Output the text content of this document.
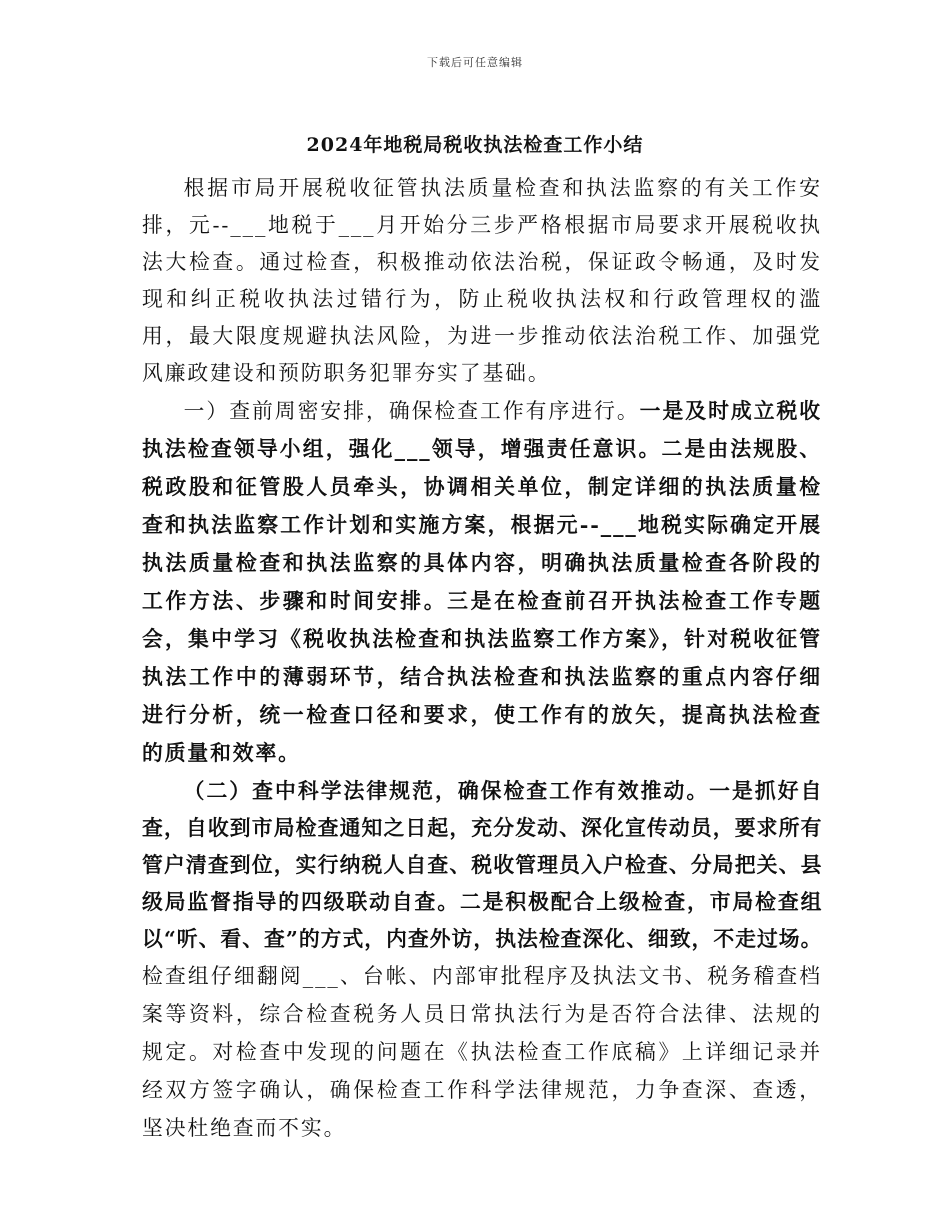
下载后可任意编辑
2024年地税局税收执法检查工作小结

根据市局开展税收征管执法质量检查和执法监察的有关工作安排，元--___地税于___月开始分三步严格根据市局要求开展税收执法大检查。通过检查，积极推动依法治税，保证政令畅通，及时发现和纠正税收执法过错行为，防止税收执法权和行政管理权的滥用，最大限度规避执法风险，为进一步推动依法治税工作、加强党风廉政建设和预防职务犯罪夯实了基础。

一）查前周密安排，确保检查工作有序进行。一是及时成立税收执法检查领导小组，强化___领导，增强责任意识。二是由法规股、税政股和征管股人员牵头，协调相关单位，制定详细的执法质量检查和执法监察工作计划和实施方案，根据元--___地税实际确定开展执法质量检查和执法监察的具体内容，明确执法质量检查各阶段的工作方法、步骤和时间安排。三是在检查前召开执法检查工作专题会，集中学习《税收执法检查和执法监察工作方案》，针对税收征管执法工作中的薄弱环节，结合执法检查和执法监察的重点内容仔细进行分析，统一检查口径和要求，使工作有的放矢，提高执法检查的质量和效率。

（二）查中科学法律规范，确保检查工作有效推动。一是抓好自查，自收到市局检查通知之日起，充分发动、深化宣传动员，要求所有管户清查到位，实行纳税人自查、税收管理员入户检查、分局把关、县级局监督指导的四级联动自查。二是积极配合上级检查，市局检查组以“听、看、查”的方式，内查外访，执法检查深化、细致，不走过场。检查组仔细翻阅___、台帐、内部审批程序及执法文书、税务稽查档案等资料，综合检查税务人员日常执法行为是否符合法律、法规的规定。对检查中发现的问题在《执法检查工作底稿》上详细记录并经双方签字确认，确保检查工作科学法律规范，力争查深、查透，坚决杜绝查而不实。
